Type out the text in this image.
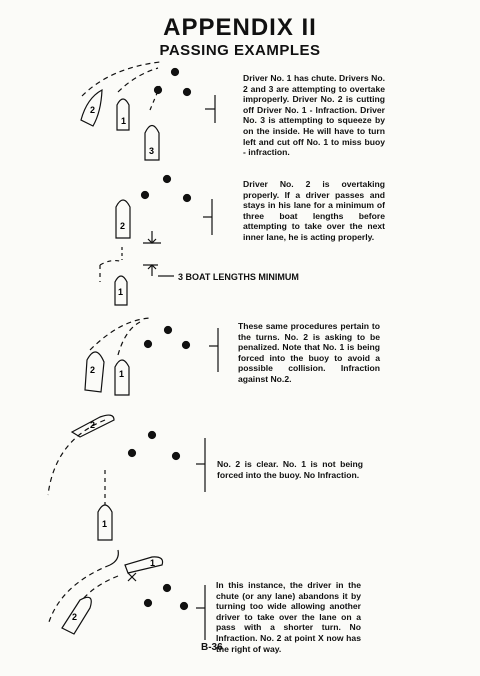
APPENDIX II
PASSING EXAMPLES
2
1
3
2
1
2	1
2
1
1
2
3 BOAT LENGTHS MINIMUM
Driver No. 1 has chute. Drivers No. 2 and 3 are attempting to overtake improperly. Driver No. 2 is cutting off Driver No. 1 - Infraction. Driver No. 3 is attempting to squeeze by on the inside. He will have to turn left and cut off No. 1 to miss buoy - infraction.
Driver No. 2 is overtaking properly. If a driver passes and stays in his lane for a minimum of three boat lengths before attempting to take over the next inner lane, he is acting properly.
These same procedures pertain to the turns. No. 2 is asking to be penalized. Note that No. 1 is being forced into the buoy to avoid a possible collision. Infraction against No.2.
No. 2 is clear. No. 1 is not being forced into the buoy. No Infraction.
In this instance, the driver in the chute (or any lane) abandons it by turning too wide allowing another driver to take over the lane on a pass with a shorter turn. No Infraction. No. 2 at point X now has the right of way.
B-36
